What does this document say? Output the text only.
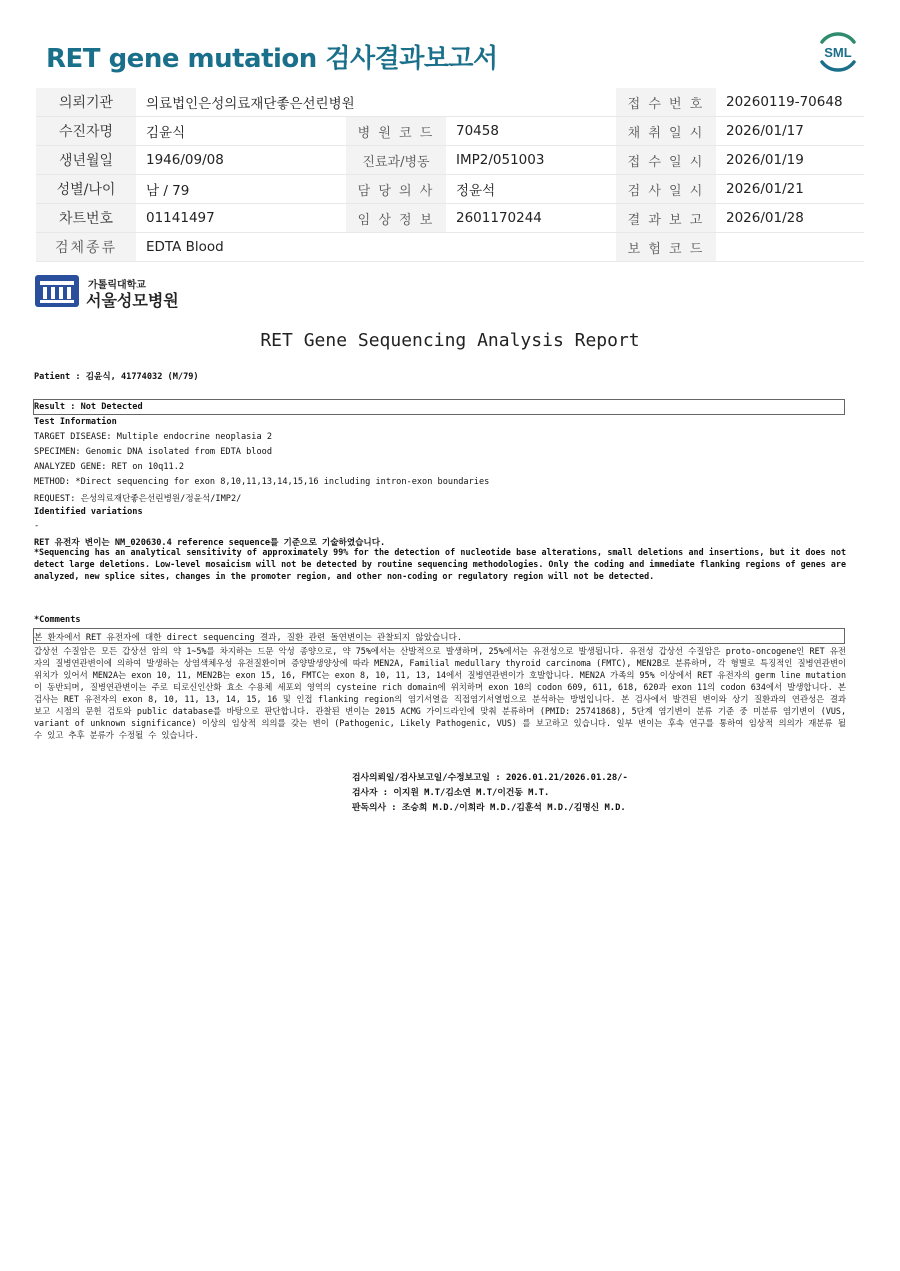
RET gene mutation 검사결과보고서	SML
의뢰기관	의료법인은성의료재단좋은선린병원			접 수 번 호	20260119-70648
수진자명	김윤식	병 원 코 드	70458	채 취 일 시	2026/01/17
생년월일	1946/09/08	진료과/병동	IMP2/051003	접 수 일 시	2026/01/19
성별/나이	남 / 79	담 당 의 사	정윤석	검 사 일 시	2026/01/21
차트번호	01141497	임 상 정 보	2601170244	결 과 보 고	2026/01/28
검체종류	EDTA Blood			보 험 코 드	
가톨릭대학교
서울성모병원
RET Gene Sequencing Analysis Report
Patient : 김윤식, 41774032 (M/79)
Result : Not Detected
Test Information
TARGET DISEASE: Multiple endocrine neoplasia 2
SPECIMEN: Genomic DNA isolated from EDTA blood
ANALYZED GENE: RET on 10q11.2
METHOD: *Direct sequencing for exon 8,10,11,13,14,15,16 including intron-exon boundaries
REQUEST: 은성의료재단좋은선린병원/정윤석/IMP2/
Identified variations
-
RET 유전자 변이는 NM_020630.4 reference sequence를 기준으로 기술하였습니다.
*Sequencing has an analytical sensitivity of approximately 99% for the detection of nucleotide base alterations, small deletions and insertions, but it does not detect large deletions. Low-level mosaicism will not be detected by routine sequencing methodologies. Only the coding and immediate flanking regions of genes are analyzed, new splice sites, changes in the promoter region, and other non-coding or regulatory region will not be detected.
*Comments
본 환자에서 RET 유전자에 대한 direct sequencing 결과, 질환 관련 돌연변이는 관찰되지 않았습니다.
갑상선 수질암은 모든 갑상선 암의 약 1~5%를 차지하는 드문 악성 종양으로, 약 75%에서는 산발적으로 발생하며, 25%에서는 유전성으로 발생됩니다. 유전성 갑상선 수질암은 proto-oncogene인 RET 유전자의 질병연관변이에 의하여 발생하는 상염색체우성 유전질환이며 증양발생양상에 따라 MEN2A, Familial medullary thyroid carcinoma (FMTC), MEN2B로 분류하며, 각 형별로 특징적인 질병연관변이 위치가 있어서 MEN2A는 exon 10, 11, MEN2B는 exon 15, 16, FMTC는 exon 8, 10, 11, 13, 14에서 질병연관변이가 호발합니다. MEN2A 가족의 95% 이상에서 RET 유전자의 germ line mutation이 동반되며, 질병연관변이는 주로 티로신인산화 효소 수용체 세포외 영역의 cysteine rich domain에 위치하며 exon 10의 codon 609, 611, 618, 620과 exon 11의 codon 634에서 발생합니다. 본 검사는 RET 유전자의 exon 8, 10, 11, 13, 14, 15, 16 및 인접 flanking region의 염기서열을 직접염기서열법으로 분석하는 방법입니다. 본 검사에서 발견된 변이와 상기 질환과의 연관성은 결과 보고 시점의 문헌 검토와 public database를 바탕으로 판단합니다. 관찰된 변이는 2015 ACMG 가이드라인에 맞춰 분류하며 (PMID: 25741868), 5단계 염기변이 분류 기준 중 미분류 염기변이 (VUS, variant of unknown significance) 이상의 임상적 의의를 갖는 변이 (Pathogenic, Likely Pathogenic, VUS) 를 보고하고 있습니다. 일부 변이는 후속 연구를 통하여 임상적 의의가 재분류 될 수 있고 추후 분류가 수정될 수 있습니다.
검사의뢰일/검사보고일/수정보고일 : 2026.01.21/2026.01.28/-
검사자 : 이지원 M.T/김소연 M.T/이건동 M.T.
판독의사 : 조승희 M.D./이희라 M.D./김훈석 M.D./김명신 M.D.
